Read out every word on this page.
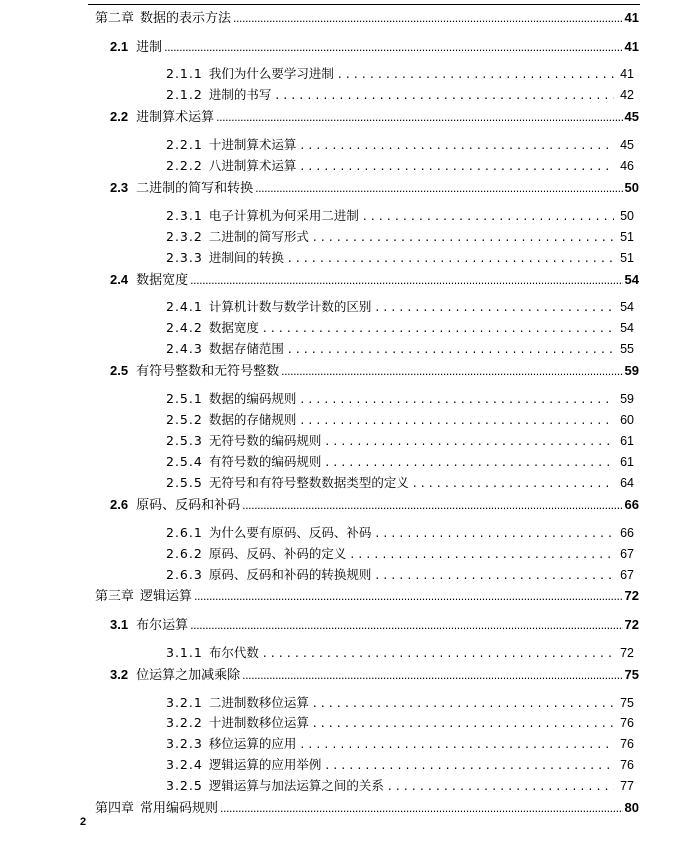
第二章 数据的表示方法 .....	41
2.1 进制 .....	41
2.1.1 我们为什么要学习进制 . . .	41
2.1.2 进制的书写 . . .	42
2.2 进制算术运算 .....	45
2.2.1 十进制算术运算 . . .	45
2.2.2 八进制算术运算 . . .	46
2.3 二进制的简写和转换 .....	50
2.3.1 电子计算机为何采用二进制 . . .	50
2.3.2 二进制的简写形式 . . .	51
2.3.3 进制间的转换 . . .	51
2.4 数据宽度 .....	54
2.4.1 计算机计数与数学计数的区别 . . .	54
2.4.2 数据宽度 . . .	54
2.4.3 数据存储范围 . . .	55
2.5 有符号整数和无符号整数 .....	59
2.5.1 数据的编码规则 . . .	59
2.5.2 数据的存储规则 . . .	60
2.5.3 无符号数的编码规则 . . .	61
2.5.4 有符号数的编码规则 . . .	61
2.5.5 无符号和有符号整数数据类型的定义 . . .	64
2.6 原码、反码和补码 .....	66
2.6.1 为什么要有原码、反码、补码 . . .	66
2.6.2 原码、反码、补码的定义 . . .	67
2.6.3 原码、反码和补码的转换规则 . . .	67
第三章 逻辑运算 .....	72
3.1 布尔运算 .....	72
3.1.1 布尔代数 . . .	72
3.2 位运算之加减乘除 .....	75
3.2.1 二进制数移位运算 . . .	75
3.2.2 十进制数移位运算 . . .	76
3.2.3 移位运算的应用 . . .	76
3.2.4 逻辑运算的应用举例 . . .	76
3.2.5 逻辑运算与加法运算之间的关系 . . .	77
第四章 常用编码规则 .....	80
2
